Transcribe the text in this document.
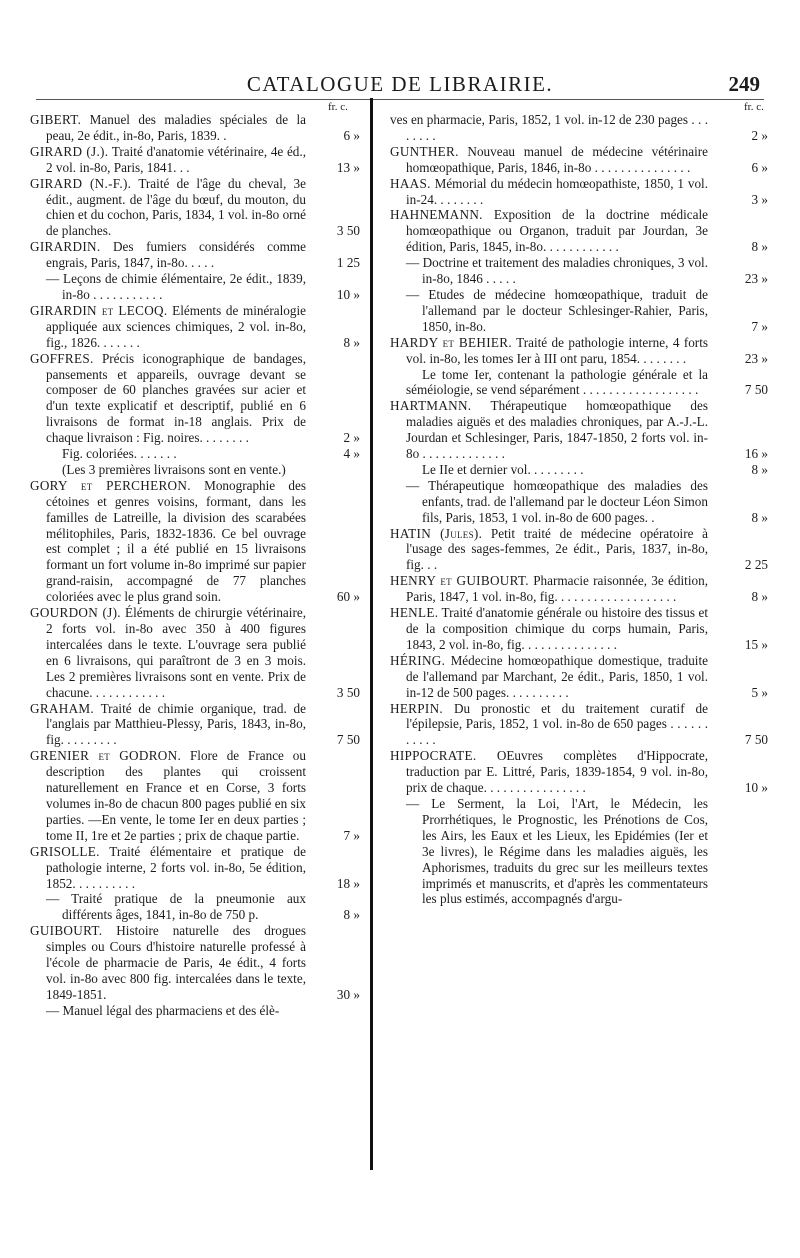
CATALOGUE DE LIBRAIRIE.	249
fr. c.	fr. c.
GIBERT. Manuel des maladies spéciales de la peau, 2e édit., in-8o, Paris, 1839. .	6 »
GIRARD (J.). Traité d'anatomie vétérinaire, 4e éd., 2 vol. in-8o, Paris, 1841. . .	13 »
GIRARD (N.-F.). Traité de l'âge du cheval, 3e édit., augment. de l'âge du bœuf, du mouton, du chien et du cochon, Paris, 1834, 1 vol. in-8o orné de planches.	3 50
GIRARDIN. Des fumiers considérés comme engrais, Paris, 1847, in-8o. . . . .	1 25
— Leçons de chimie élémentaire, 2e édit., 1839, in-8o . . . . . . . . . . .	10 »
GIRARDIN et LECOQ. Eléments de minéralogie appliquée aux sciences chimiques, 2 vol. in-8o, fig., 1826. . . . . . .	8 »
GOFFRES. Précis iconographique de bandages, pansements et appareils, ouvrage devant se composer de 60 planches gravées sur acier et d'un texte explicatif et descriptif, publié en 6 livraisons de format in-18 anglais. Prix de chaque livraison : Fig. noires. . . . . . . .	2 »
Fig. coloriées. . . . . . .	4 »
(Les 3 premières livraisons sont en vente.)
GORY et PERCHERON. Monographie des cétoines et genres voisins, formant, dans les familles de Latreille, la division des scarabées mélitophiles, Paris, 1832-1836. Ce bel ouvrage est complet ; il a été publié en 15 livraisons formant un fort volume in-8o imprimé sur papier grand-raisin, accompagné de 77 planches coloriées avec le plus grand soin.	60 »
GOURDON (J). Éléments de chirurgie vétérinaire, 2 forts vol. in-8o avec 350 à 400 figures intercalées dans le texte. L'ouvrage sera publié en 6 livraisons, qui paraîtront de 3 en 3 mois. Les 2 premières livraisons sont en vente. Prix de chacune. . . . . . . . . . . .	3 50
GRAHAM. Traité de chimie organique, trad. de l'anglais par Matthieu-Plessy, Paris, 1843, in-8o, fig. . . . . . . . .	7 50
GRENIER et GODRON. Flore de France ou description des plantes qui croissent naturellement en France et en Corse, 3 forts volumes in-8o de chacun 800 pages publié en six parties. —En vente, le tome Ier en deux parties ; tome II, 1re et 2e parties ; prix de chaque partie.	7 »
GRISOLLE. Traité élémentaire et pratique de pathologie interne, 2 forts vol. in-8o, 5e édition, 1852. . . . . . . . . .	18 »
— Traité pratique de la pneumonie aux différents âges, 1841, in-8o de 750 p.	8 »
GUIBOURT. Histoire naturelle des drogues simples ou Cours d'histoire naturelle professé à l'école de pharmacie de Paris, 4e édit., 4 forts vol. in-8o avec 800 fig. intercalées dans le texte, 1849-1851.	30 »
— Manuel légal des pharmaciens et des élè-
ves en pharmacie, Paris, 1852, 1 vol. in-12 de 230 pages . . . . . . . .	2 »
GUNTHER. Nouveau manuel de médecine vétérinaire homœopathique, Paris, 1846, in-8o . . . . . . . . . . . . . . .	6 »
HAAS. Mémorial du médecin homœopathiste, 1850, 1 vol. in-24. . . . . . . .	3 »
HAHNEMANN. Exposition de la doctrine médicale homœopathique ou Organon, traduit par Jourdan, 3e édition, Paris, 1845, in-8o. . . . . . . . . . . .	8 »
— Doctrine et traitement des maladies chroniques, 3 vol. in-8o, 1846 . . . . .	23 »
— Etudes de médecine homœopathique, traduit de l'allemand par le docteur Schlesinger-Rahier, Paris, 1850, in-8o.	7 »
HARDY et BEHIER. Traité de pathologie interne, 4 forts vol. in-8o, les tomes Ier à III ont paru, 1854. . . . . . . .	23 »
Le tome Ier, contenant la pathologie générale et la séméiologie, se vend séparément . . . . . . . . . . . . . . . . . .	7 50
HARTMANN. Thérapeutique homœopathique des maladies aiguës et des maladies chroniques, par A.-J.-L. Jourdan et Schlesinger, Paris, 1847-1850, 2 forts vol. in-8o . . . . . . . . . . . . .	16 »
Le IIe et dernier vol. . . . . . . . .	8 »
— Thérapeutique homœopathique des maladies des enfants, trad. de l'allemand par le docteur Léon Simon fils, Paris, 1853, 1 vol. in-8o de 600 pages. .	8 »
HATIN (Jules). Petit traité de médecine opératoire à l'usage des sages-femmes, 2e édit., Paris, 1837, in-8o, fig. . .	2 25
HENRY et GUIBOURT. Pharmacie raisonnée, 3e édition, Paris, 1847, 1 vol. in-8o, fig. . . . . . . . . . . . . . . . . . .	8 »
HENLE. Traité d'anatomie générale ou histoire des tissus et de la composition chimique du corps humain, Paris, 1843, 2 vol. in-8o, fig. . . . . . . . . . . . . . .	15 »
HÉRING. Médecine homœopathique domestique, traduite de l'allemand par Marchant, 2e édit., Paris, 1850, 1 vol. in-12 de 500 pages. . . . . . . . . .	5 »
HERPIN. Du pronostic et du traitement curatif de l'épilepsie, Paris, 1852, 1 vol. in-8o de 650 pages . . . . . . . . . . .	7 50
HIPPOCRATE. OEuvres complètes d'Hippocrate, traduction par E. Littré, Paris, 1839-1854, 9 vol. in-8o, prix de chaque. . . . . . . . . . . . . . . .	10 »
— Le Serment, la Loi, l'Art, le Médecin, les Prorrhétiques, le Prognostic, les Prénotions de Cos, les Airs, les Eaux et les Lieux, les Epidémies (Ier et 3e livres), le Régime dans les maladies aiguës, les Aphorismes, traduits du grec sur les meilleurs textes imprimés et manuscrits, et d'après les commentateurs les plus estimés, accompagnés d'argu-
